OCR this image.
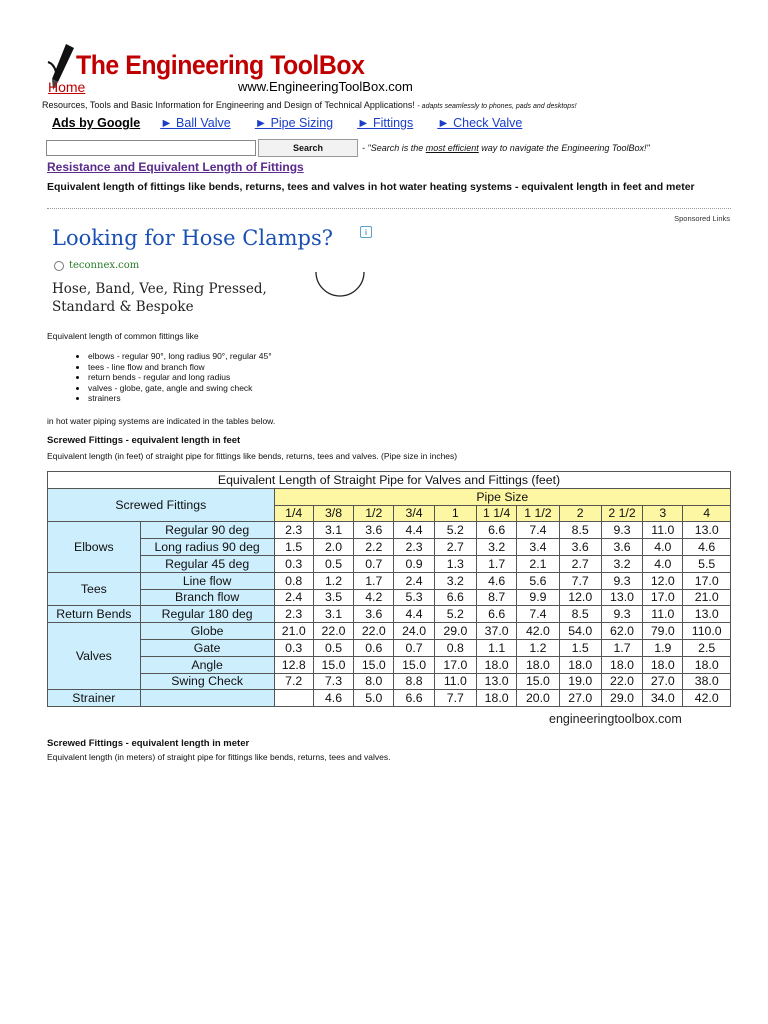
The Engineering ToolBox
Home	www.EngineeringToolBox.com
Resources, Tools and Basic Information for Engineering and Design of Technical Applications! - adapts seamlessly to phones, pads and desktops!
Ads by Google ► Ball Valve ► Pipe Sizing ► Fittings ► Check Valve
Search	- "Search is the most efficient way to navigate the Engineering ToolBox!"
Resistance and Equivalent Length of Fittings
Equivalent length of fittings like bends, returns, tees and valves in hot water heating systems - equivalent length in feet and meter
Sponsored Links
Looking for Hose Clamps?
teconnex.com
Hose, Band, Vee, Ring Pressed, Standard & Bespoke
i
Equivalent length of common fittings like
• elbows - regular 90°, long radius 90°, regular 45°
• tees - line flow and branch flow
• return bends - regular and long radius
• valves - globe, gate, angle and swing check
• strainers
in hot water piping systems are indicated in the tables below.
Screwed Fittings - equivalent length in feet
Equivalent length (in feet) of straight pipe for fittings like bends, returns, tees and valves. (Pipe size in inches)
Equivalent Length of Straight Pipe for Valves and Fittings (feet)												
Screwed Fittings		Pipe Size										
		1/4	3/8	1/2	3/4	1	1 1/4	1 1/2	2	2 1/2	3	4
Elbows	Regular 90 deg	2.3	3.1	3.6	4.4	5.2	6.6	7.4	8.5	9.3	11.0	13.0
	Long radius 90 deg	1.5	2.0	2.2	2.3	2.7	3.2	3.4	3.6	3.6	4.0	4.6
	Regular 45 deg	0.3	0.5	0.7	0.9	1.3	1.7	2.1	2.7	3.2	4.0	5.5
Tees	Line flow	0.8	1.2	1.7	2.4	3.2	4.6	5.6	7.7	9.3	12.0	17.0
	Branch flow	2.4	3.5	4.2	5.3	6.6	8.7	9.9	12.0	13.0	17.0	21.0
Return Bends	Regular 180 deg	2.3	3.1	3.6	4.4	5.2	6.6	7.4	8.5	9.3	11.0	13.0
Valves	Globe	21.0	22.0	22.0	24.0	29.0	37.0	42.0	54.0	62.0	79.0	110.0
	Gate	0.3	0.5	0.6	0.7	0.8	1.1	1.2	1.5	1.7	1.9	2.5
	Angle	12.8	15.0	15.0	15.0	17.0	18.0	18.0	18.0	18.0	18.0	18.0
	Swing Check	7.2	7.3	8.0	8.8	11.0	13.0	15.0	19.0	22.0	27.0	38.0
Strainer			4.6	5.0	6.6	7.7	18.0	20.0	27.0	29.0	34.0	42.0
engineeringtoolbox.com
Screwed Fittings - equivalent length in meter
Equivalent length (in meters) of straight pipe for fittings like bends, returns, tees and valves.
